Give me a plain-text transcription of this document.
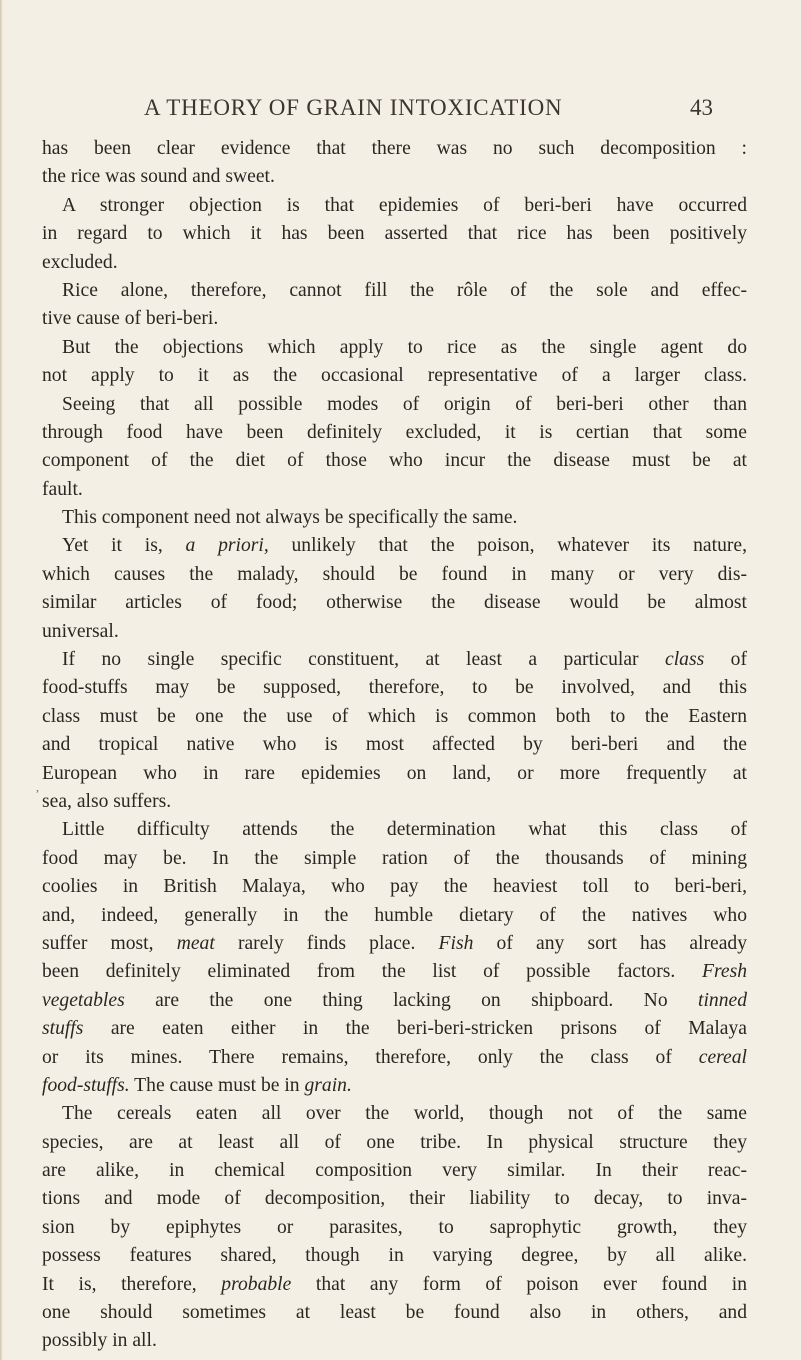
A THEORY OF GRAIN INTOXICATION	43
has been clear evidence that there was no such decomposition :
the rice was sound and sweet.
A stronger objection is that epidemies of beri-beri have occurred
in regard to which it has been asserted that rice has been positively
excluded.
Rice alone, therefore, cannot fill the rôle of the sole and effec-
tive cause of beri-beri.
But the objections which apply to rice as the single agent do
not apply to it as the occasional representative of a larger class.
Seeing that all possible modes of origin of beri-beri other than
through food have been definitely excluded, it is certian that some
component of the diet of those who incur the disease must be at
fault.
This component need not always be specifically the same.
Yet it is, a priori, unlikely that the poison, whatever its nature,
which causes the malady, should be found in many or very dis-
similar articles of food; otherwise the disease would be almost
universal.
If no single specific constituent, at least a particular class of
food-stuffs may be supposed, therefore, to be involved, and this
class must be one the use of which is common both to the Eastern
and tropical native who is most affected by beri-beri and the
European who in rare epidemies on land, or more frequently at
sea, also suffers.
Little difficulty attends the determination what this class of
food may be. In the simple ration of the thousands of mining
coolies in British Malaya, who pay the heaviest toll to beri-beri,
and, indeed, generally in the humble dietary of the natives who
suffer most, meat rarely finds place. Fish of any sort has already
been definitely eliminated from the list of possible factors. Fresh
vegetables are the one thing lacking on shipboard. No tinned
stuffs are eaten either in the beri-beri-stricken prisons of Malaya
or its mines. There remains, therefore, only the class of cereal
food-stuffs. The cause must be in grain.
The cereals eaten all over the world, though not of the same
species, are at least all of one tribe. In physical structure they
are alike, in chemical composition very similar. In their reac-
tions and mode of decomposition, their liability to decay, to inva-
sion by epiphytes or parasites, to saprophytic growth, they
possess features shared, though in varying degree, by all alike.
It is, therefore, probable that any form of poison ever found in
one should sometimes at least be found also in others, and
possibly in all.
,
